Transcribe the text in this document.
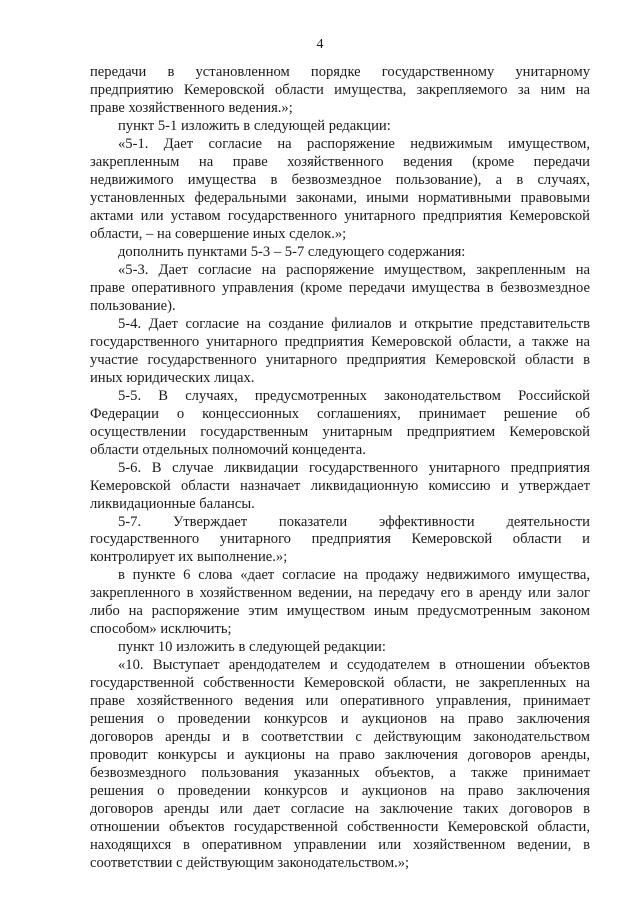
4
передачи в установленном порядке государственному унитарному
предприятию Кемеровской области имущества, закрепляемого за ним на
праве хозяйственного ведения.»;
пункт 5-1 изложить в следующей редакции:
«5-1. Дает согласие на распоряжение недвижимым имуществом,
закрепленным на праве хозяйственного ведения (кроме передачи
недвижимого имущества в безвозмездное пользование), а в случаях,
установленных федеральными законами, иными нормативными правовыми
актами или уставом государственного унитарного предприятия Кемеровской
области, – на совершение иных сделок.»;
дополнить пунктами 5-3 – 5-7 следующего содержания:
«5-3. Дает согласие на распоряжение имуществом, закрепленным на
праве оперативного управления (кроме передачи имущества в безвозмездное
пользование).
5-4. Дает согласие на создание филиалов и открытие представительств
государственного унитарного предприятия Кемеровской области, а также на
участие государственного унитарного предприятия Кемеровской области в
иных юридических лицах.
5-5. В случаях, предусмотренных законодательством Российской
Федерации о концессионных соглашениях, принимает решение об
осуществлении государственным унитарным предприятием Кемеровской
области отдельных полномочий концедента.
5-6. В случае ликвидации государственного унитарного предприятия
Кемеровской области назначает ликвидационную комиссию и утверждает
ликвидационные балансы.
5-7. Утверждает показатели эффективности деятельности
государственного унитарного предприятия Кемеровской области и
контролирует их выполнение.»;
в пункте 6 слова «дает согласие на продажу недвижимого имущества,
закрепленного в хозяйственном ведении, на передачу его в аренду или залог
либо на распоряжение этим имуществом иным предусмотренным законом
способом» исключить;
пункт 10 изложить в следующей редакции:
«10. Выступает арендодателем и ссудодателем в отношении объектов
государственной собственности Кемеровской области, не закрепленных на
праве хозяйственного ведения или оперативного управления, принимает
решения о проведении конкурсов и аукционов на право заключения
договоров аренды и в соответствии с действующим законодательством
проводит конкурсы и аукционы на право заключения договоров аренды,
безвозмездного пользования указанных объектов, а также принимает
решения о проведении конкурсов и аукционов на право заключения
договоров аренды или дает согласие на заключение таких договоров в
отношении объектов государственной собственности Кемеровской области,
находящихся в оперативном управлении или хозяйственном ведении, в
соответствии с действующим законодательством.»;
